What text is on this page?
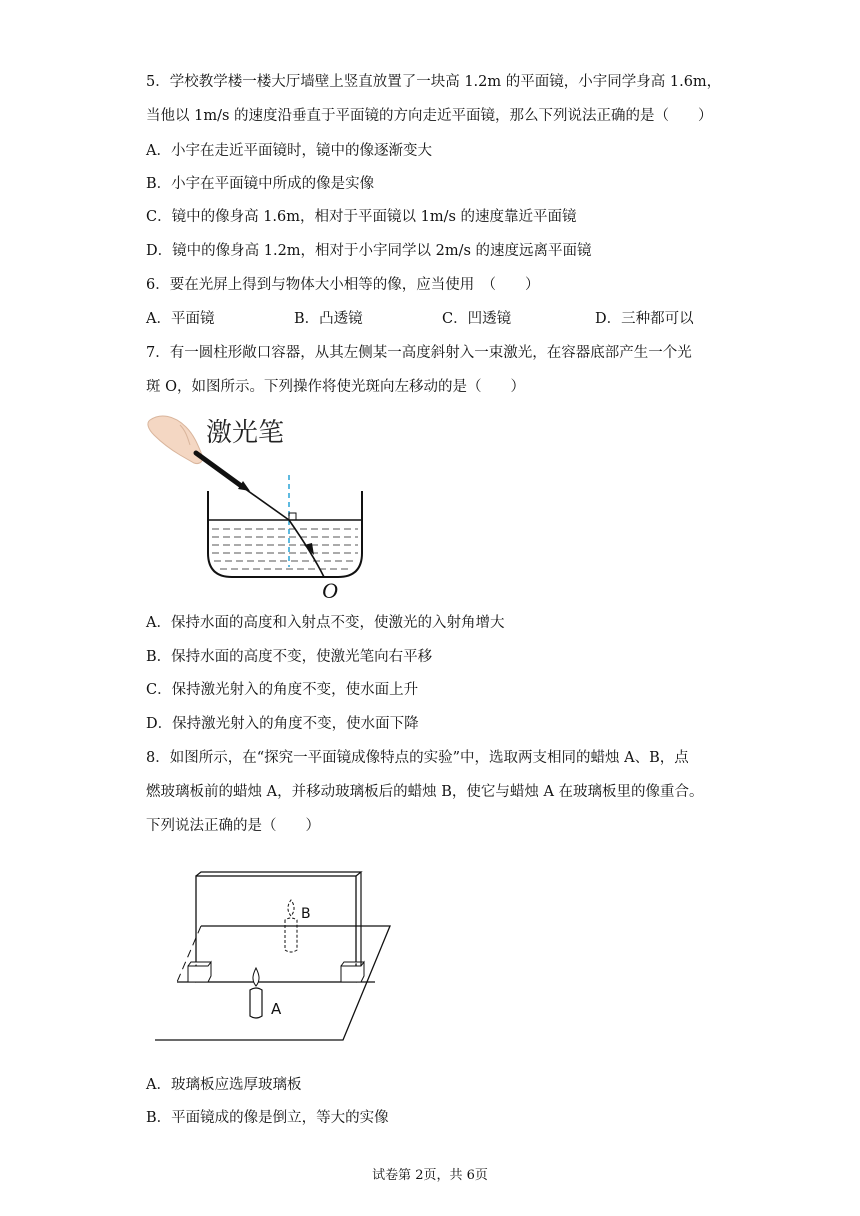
5．学校教学楼一楼大厅墙壁上竖直放置了一块高 1.2m 的平面镜，小宇同学身高 1.6m，
当他以 1m/s 的速度沿垂直于平面镜的方向走近平面镜，那么下列说法正确的是（　　）
A．小宇在走近平面镜时，镜中的像逐渐变大
B．小宇在平面镜中所成的像是实像
C．镜中的像身高 1.6m，相对于平面镜以 1m/s 的速度靠近平面镜
D．镜中的像身高 1.2m，相对于小宇同学以 2m/s 的速度远离平面镜
6．要在光屏上得到与物体大小相等的像，应当使用　（　　）
A．平面镜	B．凸透镜	C．凹透镜	D．三种都可以
7．有一圆柱形敞口容器，从其左侧某一高度斜射入一束激光，在容器底部产生一个光
斑 O，如图所示。下列操作将使光斑向左移动的是（　　）
激光笔
O
A．保持水面的高度和入射点不变，使激光的入射角增大
B．保持水面的高度不变，使激光笔向右平移
C．保持激光射入的角度不变，使水面上升
D．保持激光射入的角度不变，使水面下降
8．如图所示，在“探究一平面镜成像特点的实验”中，选取两支相同的蜡烛 A、B，点
燃玻璃板前的蜡烛 A，并移动玻璃板后的蜡烛 B，使它与蜡烛 A 在玻璃板里的像重合。
下列说法正确的是（　　）
B
A
A．玻璃板应选厚玻璃板
B．平面镜成的像是倒立，等大的实像
试卷第 2页，共 6页
